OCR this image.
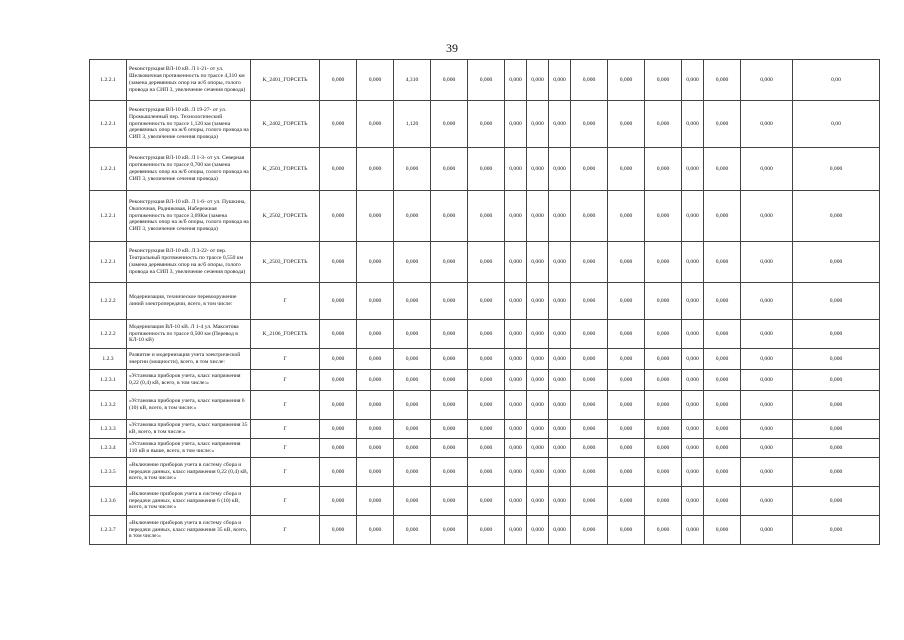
39
1.2.2.1	Реконструкция ВЛ-10 кВ. Л 1-21- от ул. Шелковичная протяженность по трассе 4,310 км (замена деревянных опор на ж/б опоры, голого провода на СИП 3, увеличение сечения провода)	K_2401_ГОРСЕТЬ	0,000	0,000	4,310	0,000	0,000	0,000	0,000	0,000	0,000	0,000	0,000	0,000	0,000	0,000	0,00
1.2.2.1	Реконструкция ВЛ-10 кВ. Л 19-27- от ул. Промышленный пер. Технологический протяженность по трассе 1,120 км (замена деревянных опор на ж/б опоры, голого провода на СИП 3, увеличение сечения провода)	K_2402_ГОРСЕТЬ	0,000	0,000	1,120	0,000	0,000	0,000	0,000	0,000	0,000	0,000	0,000	0,000	0,000	0,000	0,00
1.2.2.1	Реконструкция ВЛ-10 кВ. Л 1-3- от ул. Северная протяженность по трассе 0,700 км (замена деревянных опор на ж/б опоры, голого провода на СИП 3, увеличение сечения провода)	K_2501_ГОРСЕТЬ	0,000	0,000	0,000	0,000	0,000	0,000	0,000	0,000	0,000	0,000	0,000	0,000	0,000	0,000	0,000
1.2.2.1	Реконструкция ВЛ-10 кВ. Л 1-6- от ул. Пушкина, Окопочная, Родниковая, Набережная протяженность по трассе 3,69Км (замена деревянных опор на ж/б опоры, голого провода на СИП 3, увеличение сечения провода)	K_2502_ГОРСЕТЬ	0,000	0,000	0,000	0,000	0,000	0,000	0,000	0,000	0,000	0,000	0,000	0,000	0,000	0,000	0,000
1.2.2.1	Реконструкция ВЛ-10 кВ. Л 3-22- от пер. Театральный протяженность по трассе 0,550 км (замена деревянных опор на ж/б опоры, голого провода на СИП 3, увеличение сечения провода)	K_2503_ГОРСЕТЬ	0,000	0,000	0,000	0,000	0,000	0,000	0,000	0,000	0,000	0,000	0,000	0,000	0,000	0,000	0,000
1.2.2.2	Модернизация, техническое перевооружение линий электропередачи, всего, в том числе:	Г	0,000	0,000	0,000	0,000	0,000	0,000	0,000	0,000	0,000	0,000	0,000	0,000	0,000	0,000	0,000
1.2.2.2	Модернизация ВЛ-10 кВ. Л 1-4 ул. Макситова протяженность по трассе 0,500 км (Перевод в КЛ-10 кВ)	K_2106_ГОРСЕТЬ	0,000	0,000	0,000	0,000	0,000	0,000	0,000	0,000	0,000	0,000	0,000	0,000	0,000	0,000	0,000
1.2.3	Развитие и модернизация учета электрической энергии (мощности), всего, в том числе:	Г	0,000	0,000	0,000	0,000	0,000	0,000	0,000	0,000	0,000	0,000	0,000	0,000	0,000	0,000	0,000
1.2.3.1	«Установка приборов учета, класс напряжения 0,22 (0,4) кВ, всего, в том числе:»	Г	0,000	0,000	0,000	0,000	0,000	0,000	0,000	0,000	0,000	0,000	0,000	0,000	0,000	0,000	0,000
1.2.3.2	«Установка приборов учета, класс напряжения 6 (10) кВ, всего, в том числе:»	Г	0,000	0,000	0,000	0,000	0,000	0,000	0,000	0,000	0,000	0,000	0,000	0,000	0,000	0,000	0,000
1.2.3.3	«Установка приборов учета, класс напряжения 35 кВ, всего, в том числе:»	Г	0,000	0,000	0,000	0,000	0,000	0,000	0,000	0,000	0,000	0,000	0,000	0,000	0,000	0,000	0,000
1.2.3.4	«Установка приборов учета, класс напряжения 110 кВ и выше, всего, в том числе:»	Г	0,000	0,000	0,000	0,000	0,000	0,000	0,000	0,000	0,000	0,000	0,000	0,000	0,000	0,000	0,000
1.2.3.5	«Включение приборов учета в систему сбора и передачи данных, класс напряжения 0,22 (0,4) кВ, всего, в том числе:»	Г	0,000	0,000	0,000	0,000	0,000	0,000	0,000	0,000	0,000	0,000	0,000	0,000	0,000	0,000	0,000
1.2.3.6	«Включение приборов учета в систему сбора и передачи данных, класс напряжения 6 (10) кВ, всего, в том числе:»	Г	0,000	0,000	0,000	0,000	0,000	0,000	0,000	0,000	0,000	0,000	0,000	0,000	0,000	0,000	0,000
1.2.3.7	«Включение приборов учета в систему сбора и передачи данных, класс напряжения 35 кВ, всего, в том числе:»	Г	0,000	0,000	0,000	0,000	0,000	0,000	0,000	0,000	0,000	0,000	0,000	0,000	0,000	0,000	0,000
